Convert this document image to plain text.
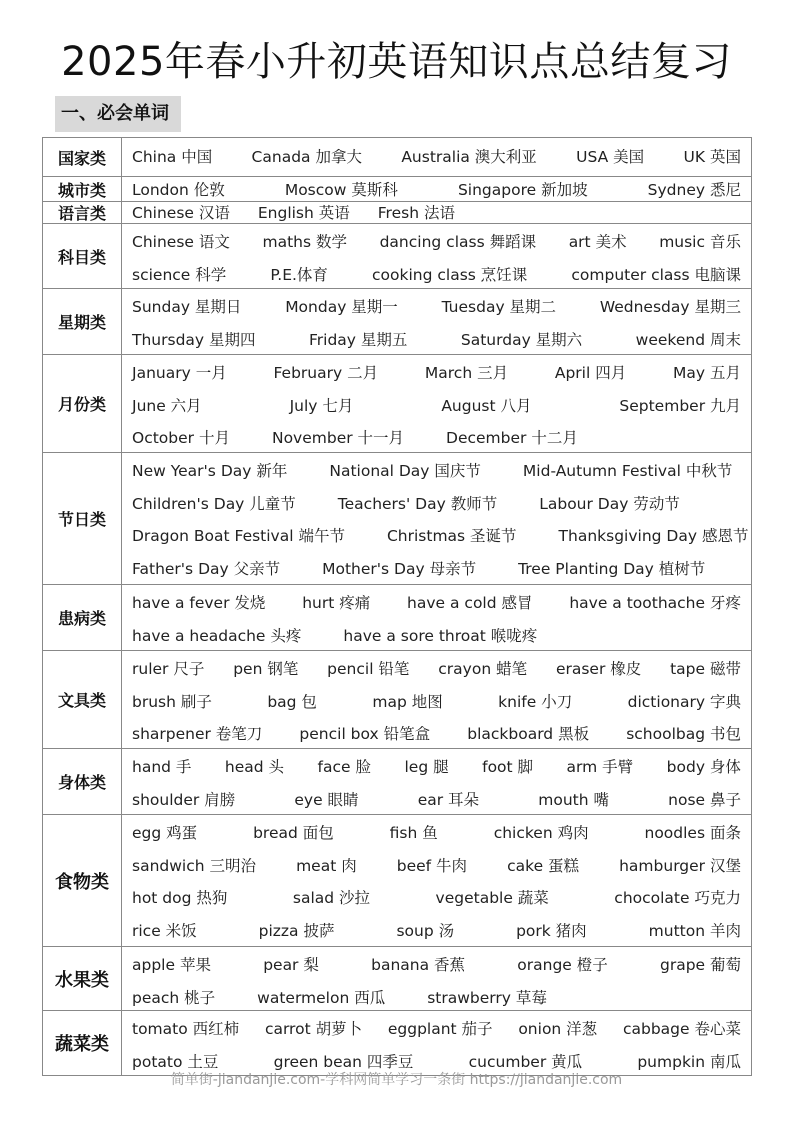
2025年春小升初英语知识点总结复习
一、必会单词
国家类	China 中国	Canada 加拿大	Australia 澳大利亚	USA 美国	UK 英国
城市类	London 伦敦	Moscow 莫斯科	Singapore 新加坡	Sydney 悉尼
语言类	Chinese 汉语 English 英语 Fresh 法语
科目类
Chinese 语文 maths 数学 dancing class 舞蹈课 art 美术 music 音乐
science 科学	P.E.体育	cooking class 烹饪课	computer class 电脑课
星期类
Sunday 星期日	Monday 星期一	Tuesday 星期二	Wednesday 星期三
Thursday 星期四	Friday 星期五	Saturday 星期六	weekend 周末
月份类
January 一月	February 二月	March 三月	April 四月	May 五月
June 六月	July 七月	August 八月	September 九月
October 十月	November 十一月	December 十二月
节日类
New Year's Day 新年	National Day 国庆节	Mid-Autumn Festival 中秋节
Children's Day 儿童节	Teachers' Day 教师节	Labour Day 劳动节
Dragon Boat Festival 端午节	Christmas 圣诞节	Thanksgiving Day 感恩节
Father's Day 父亲节	Mother's Day 母亲节	Tree Planting Day 植树节
患病类
have a fever 发烧 hurt 疼痛 have a cold 感冒 have a toothache 牙疼
have a headache 头疼	have a sore throat 喉咙疼
文具类
ruler 尺子 pen 钢笔 pencil 铅笔 crayon 蜡笔 eraser 橡皮 tape 磁带
brush 刷子	bag 包	map 地图	knife 小刀	dictionary 字典
sharpener 卷笔刀 pencil box 铅笔盒 blackboard 黑板 schoolbag 书包
身体类
hand 手 head 头 face 脸 leg 腿 foot 脚 arm 手臂 body 身体
shoulder 肩膀	eye 眼睛	ear 耳朵	mouth 嘴	nose 鼻子
食物类
egg 鸡蛋	bread 面包	fish 鱼	chicken 鸡肉	noodles 面条
sandwich 三明治	meat 肉	beef 牛肉	cake 蛋糕	hamburger 汉堡
hot dog 热狗	salad 沙拉	vegetable 蔬菜	chocolate 巧克力
rice 米饭	pizza 披萨	soup 汤	pork 猪肉	mutton 羊肉
水果类
apple 苹果	pear 梨	banana 香蕉	orange 橙子	grape 葡萄
peach 桃子	watermelon 西瓜	strawberry 草莓
蔬菜类
tomato 西红柿 carrot 胡萝卜 eggplant 茄子 onion 洋葱 cabbage 卷心菜
potato 土豆	green bean 四季豆	cucumber 黄瓜	pumpkin 南瓜
简单街-jiandanjie.com-学科网简单学习一条街 https://jiandanjie.com
